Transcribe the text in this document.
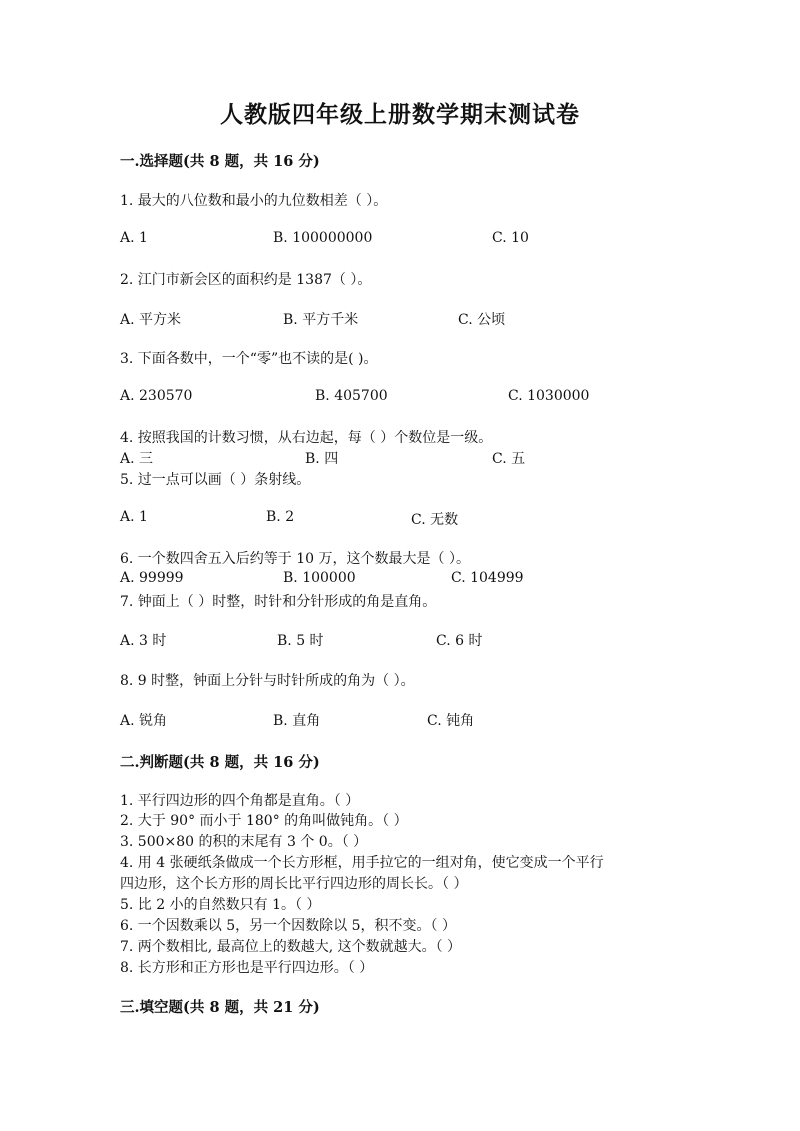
人教版四年级上册数学期末测试卷
一.选择题(共 8 题，共 16 分)
1. 最大的八位数和最小的九位数相差（ ）。
A. 1	B. 100000000	C. 10
2. 江门市新会区的面积约是 1387（ ）。
A. 平方米	B. 平方千米	C. 公顷
3. 下面各数中，一个“零”也不读的是( )。
A. 230570	B. 405700	C. 1030000
4. 按照我国的计数习惯，从右边起，每（ ）个数位是一级。
A. 三	B. 四	C. 五
5. 过一点可以画（ ）条射线。
A. 1	B. 2	C. 无数
6. 一个数四舍五入后约等于 10 万，这个数最大是（ ）。
A. 99999	B. 100000	C. 104999
7. 钟面上（ ）时整，时针和分针形成的角是直角。
A. 3 时	B. 5 时	C. 6 时
8. 9 时整，钟面上分针与时针所成的角为（ ）。
A. 锐角	B. 直角	C. 钝角
二.判断题(共 8 题，共 16 分)
1. 平行四边形的四个角都是直角。（ ）
2. 大于 90° 而小于 180° 的角叫做钝角。（ ）
3. 500×80 的积的末尾有 3 个 0。（ ）
4. 用 4 张硬纸条做成一个长方形框，用手拉它的一组对角，使它变成一个平行
四边形，这个长方形的周长比平行四边形的周长长。（ ）
5. 比 2 小的自然数只有 1。（ ）
6. 一个因数乘以 5，另一个因数除以 5，积不变。（ ）
7. 两个数相比, 最高位上的数越大, 这个数就越大。（ ）
8. 长方形和正方形也是平行四边形。（ ）
三.填空题(共 8 题，共 21 分)
